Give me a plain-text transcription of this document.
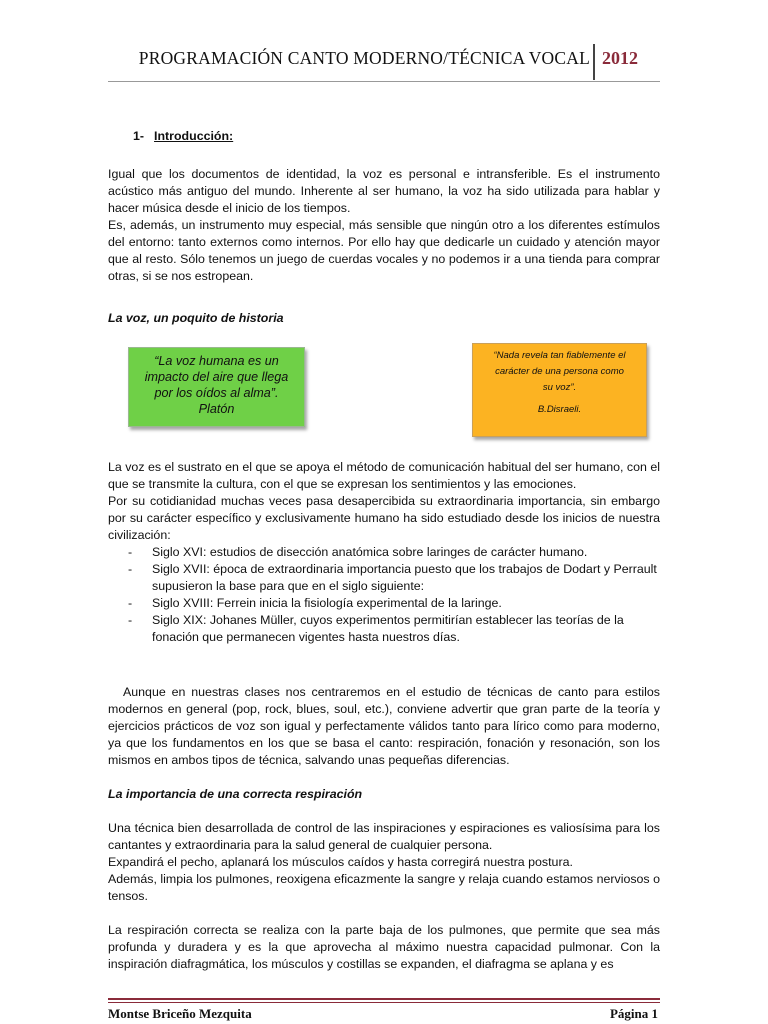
PROGRAMACIÓN CANTO MODERNO/TÉCNICA VOCAL 2012
1- Introducción:

Igual que los documentos de identidad, la voz es personal e intransferible. Es el instrumento acústico más antiguo del mundo. Inherente al ser humano, la voz ha sido utilizada para hablar y hacer música desde el inicio de los tiempos.

Es, además, un instrumento muy especial, más sensible que ningún otro a los diferentes estímulos del entorno: tanto externos como internos. Por ello hay que dedicarle un cuidado y atención mayor que al resto. Sólo tenemos un juego de cuerdas vocales y no podemos ir a una tienda para comprar otras, si se nos estropean.

La voz, un poquito de historia
“La voz humana es un
impacto del aire que llega
por los oídos al alma”.
Platón
“Nada revela tan fiablemente el
carácter de una persona como
su voz”.
B.Disraeli.

La voz es el sustrato en el que se apoya el método de comunicación habitual del ser humano, con el que se transmite la cultura, con el que se expresan los sentimientos y las emociones.

Por su cotidianidad muchas veces pasa desapercibida su extraordinaria importancia, sin embargo por su carácter específico y exclusivamente humano ha sido estudiado desde los inicios de nuestra civilización:

- Siglo XVI: estudios de disección anatómica sobre laringes de carácter humano.
- Siglo XVII: época de extraordinaria importancia puesto que los trabajos de Dodart y Perrault supusieron la base para que en el siglo siguiente:
- Siglo XVIII: Ferrein inicia la fisiología experimental de la laringe.
- Siglo XIX: Johanes Müller, cuyos experimentos permitirían establecer las teorías de la fonación que permanecen vigentes hasta nuestros días.

Aunque en nuestras clases nos centraremos en el estudio de técnicas de canto para estilos modernos en general (pop, rock, blues, soul, etc.), conviene advertir que gran parte de la teoría y ejercicios prácticos de voz son igual y perfectamente válidos tanto para lírico como para moderno, ya que los fundamentos en los que se basa el canto: respiración, fonación y resonación, son los mismos en ambos tipos de técnica, salvando unas pequeñas diferencias.

La importancia de una correcta respiración

Una técnica bien desarrollada de control de las inspiraciones y espiraciones es valiosísima para los cantantes y extraordinaria para la salud general de cualquier persona.

Expandirá el pecho, aplanará los músculos caídos y hasta corregirá nuestra postura.

Además, limpia los pulmones, reoxigena eficazmente la sangre y relaja cuando estamos nerviosos o tensos.

La respiración correcta se realiza con la parte baja de los pulmones, que permite que sea más profunda y duradera y es la que aprovecha al máximo nuestra capacidad pulmonar. Con la inspiración diafragmática, los músculos y costillas se expanden, el diafragma se aplana y es

Montse Briceño Mezquita	Página 1
